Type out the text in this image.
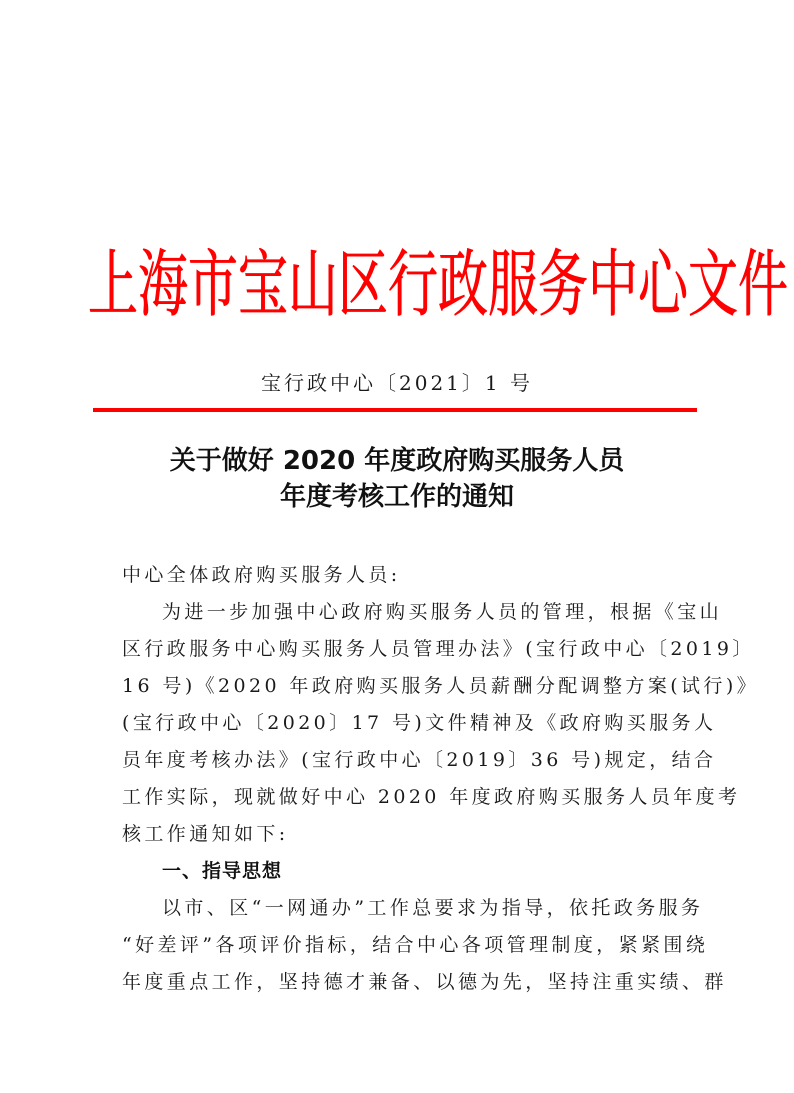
上 海 市 宝 山 区 行 政 服 务 中 心 文 件
宝行政中心〔2021〕1 号
关于做好 2020 年度政府购买服务人员
年度考核工作的通知
中心全体政府购买服务人员:
为进一步加强中心政府购买服务人员的管理，根据《宝山
区行政服务中心购买服务人员管理办法》(宝行政中心〔2019〕
16 号)《2020 年政府购买服务人员薪酬分配调整方案(试行)》
(宝行政中心〔2020〕17 号)文件精神及《政府购买服务人
员年度考核办法》(宝行政中心〔2019〕36 号)规定，结合
工作实际，现就做好中心 2020 年度政府购买服务人员年度考
核工作通知如下:
一、指导思想
以市、区“一网通办”工作总要求为指导，依托政务服务
“好差评”各项评价指标，结合中心各项管理制度，紧紧围绕
年度重点工作，坚持德才兼备、以德为先，坚持注重实绩、群
